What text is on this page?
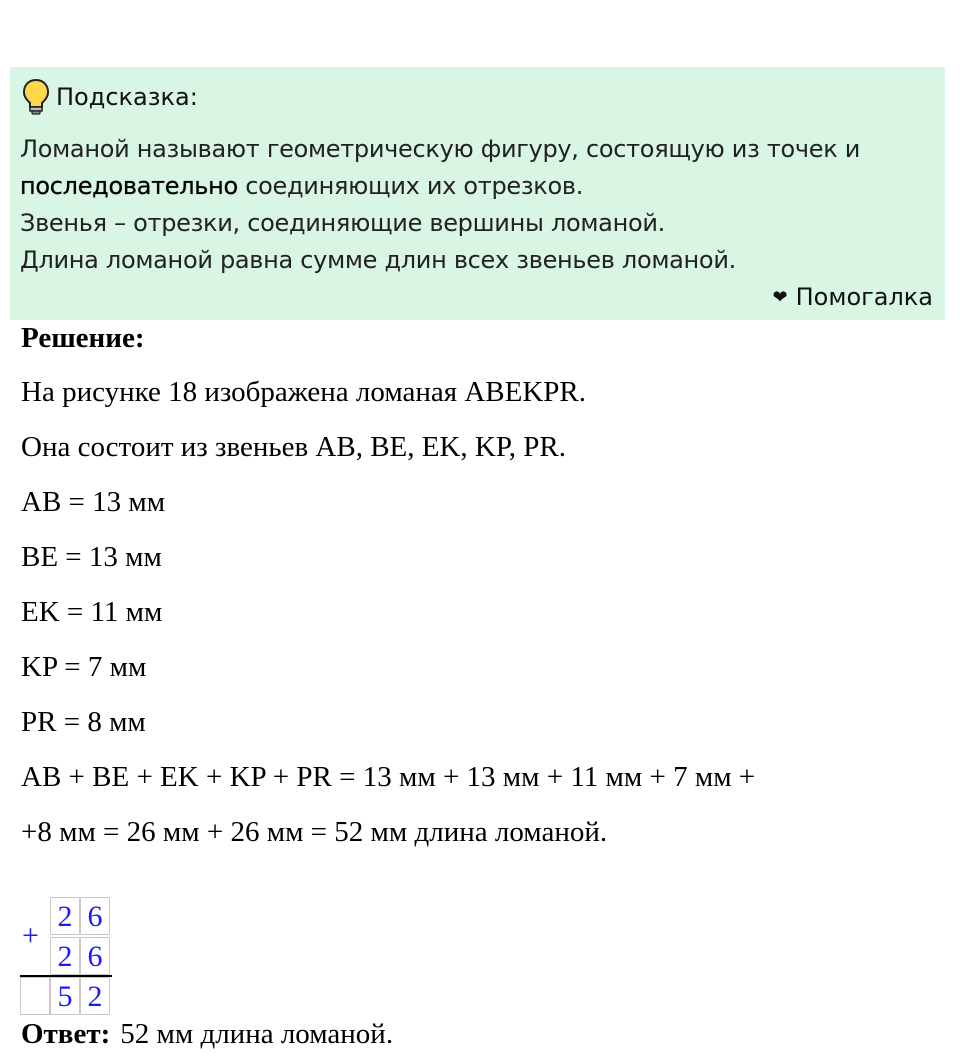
Подсказка:

Ломаной называют геометрическую фигуру, состоящую из точек и

последовательно соединяющих их отрезков.

Звенья – отрезки, соединяющие вершины ломаной.

Длина ломаной равна сумме длин всех звеньев ломаной.

❤ Помогалка
Решение:
На рисунке 18 изображена ломаная ABEKPR.
Она состоит из звеньев AB, BE, EK, KP, PR.
AB = 13 мм
BE = 13 мм
EK = 11 мм
KP = 7 мм
PR = 8 мм
AB + BE + EK + KP + PR = 13 мм + 13 мм + 11 мм + 7 мм +
+8 мм = 26 мм + 26 мм = 52 мм длина ломаной.
+
2 6
2 6
5 2
Ответ: 52 мм длина ломаной.
